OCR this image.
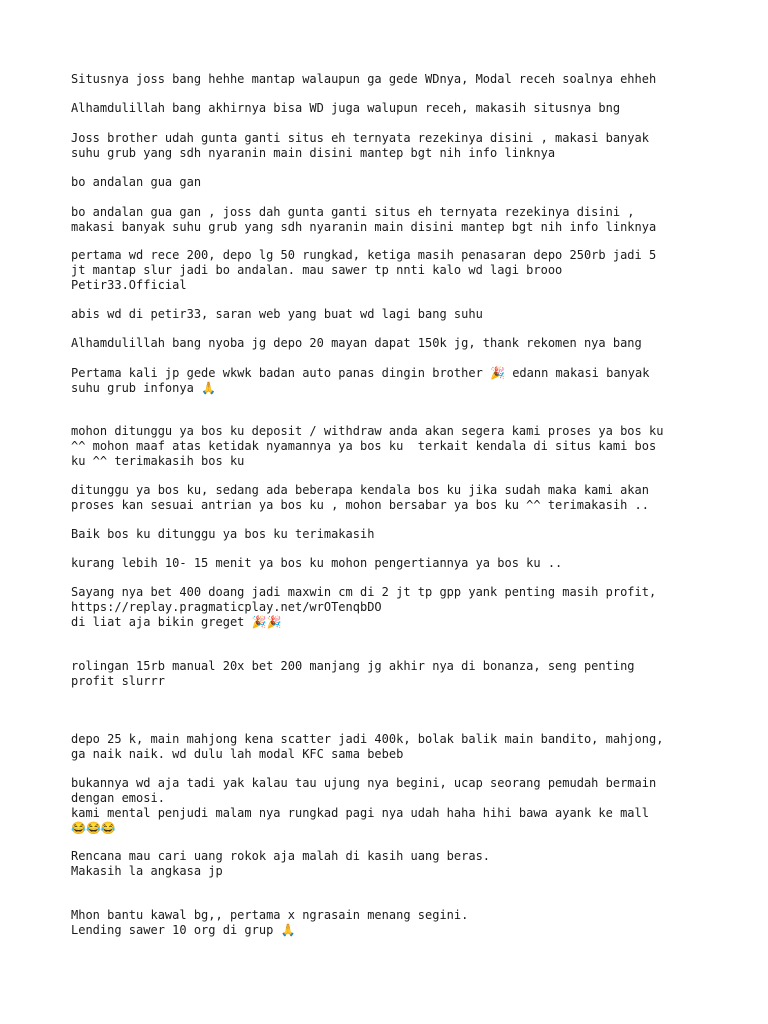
Situsnya joss bang hehhe mantap walaupun ga gede WDnya, Modal receh soalnya ehheh

Alhamdulillah bang akhirnya bisa WD juga walupun receh, makasih situsnya bng

Joss brother udah gunta ganti situs eh ternyata rezekinya disini , makasi banyak
suhu grub yang sdh nyaranin main disini mantep bgt nih info linknya

bo andalan gua gan

bo andalan gua gan , joss dah gunta ganti situs eh ternyata rezekinya disini ,
makasi banyak suhu grub yang sdh nyaranin main disini mantep bgt nih info linknya

pertama wd rece 200, depo lg 50 rungkad, ketiga masih penasaran depo 250rb jadi 5
jt mantap slur jadi bo andalan. mau sawer tp nnti kalo wd lagi brooo
Petir33.Official

abis wd di petir33, saran web yang buat wd lagi bang suhu

Alhamdulillah bang nyoba jg depo 20 mayan dapat 150k jg, thank rekomen nya bang

Pertama kali jp gede wkwk badan auto panas dingin brother 🎉 edann makasi banyak
suhu grub infonya 🙏

mohon ditunggu ya bos ku deposit / withdraw anda akan segera kami proses ya bos ku
^^ mohon maaf atas ketidak nyamannya ya bos ku  terkait kendala di situs kami bos
ku ^^ terimakasih bos ku

ditunggu ya bos ku, sedang ada beberapa kendala bos ku jika sudah maka kami akan
proses kan sesuai antrian ya bos ku , mohon bersabar ya bos ku ^^ terimakasih ..

Baik bos ku ditunggu ya bos ku terimakasih

kurang lebih 10- 15 menit ya bos ku mohon pengertiannya ya bos ku ..

Sayang nya bet 400 doang jadi maxwin cm di 2 jt tp gpp yank penting masih profit,
https://replay.pragmaticplay.net/wrOTenqbDO
di liat aja bikin greget 🎉🎉

rolingan 15rb manual 20x bet 200 manjang jg akhir nya di bonanza, seng penting
profit slurrr

depo 25 k, main mahjong kena scatter jadi 400k, bolak balik main bandito, mahjong,
ga naik naik. wd dulu lah modal KFC sama bebeb

bukannya wd aja tadi yak kalau tau ujung nya begini, ucap seorang pemudah bermain
dengan emosi.
kami mental penjudi malam nya rungkad pagi nya udah haha hihi bawa ayank ke mall
😂😂😂

Rencana mau cari uang rokok aja malah di kasih uang beras.
Makasih la angkasa jp

Mhon bantu kawal bg,, pertama x ngrasain menang segini.
Lending sawer 10 org di grup 🙏
